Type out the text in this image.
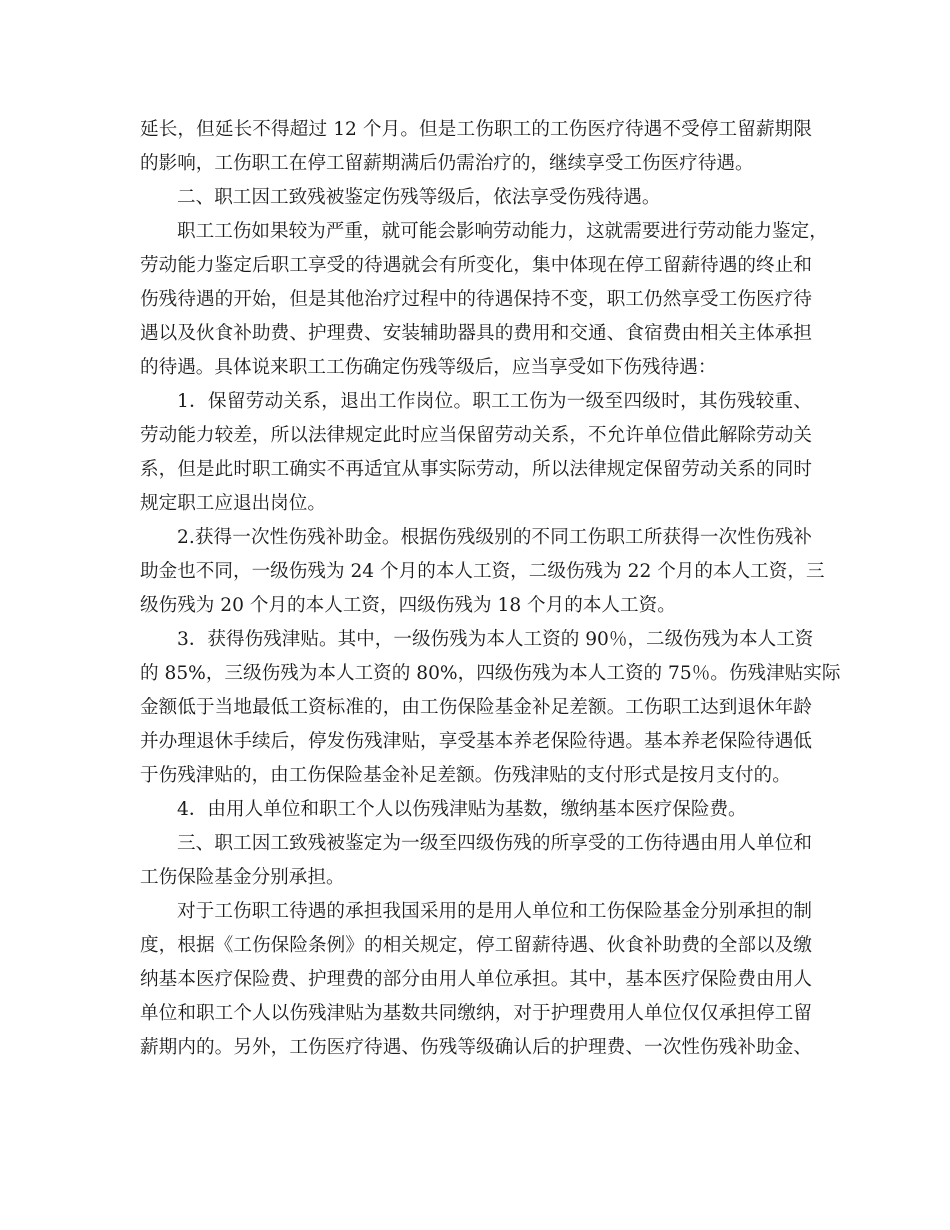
延长，但延长不得超过 12 个月。但是工伤职工的工伤医疗待遇不受停工留薪期限
的影响，工伤职工在停工留薪期满后仍需治疗的，继续享受工伤医疗待遇。
二、职工因工致残被鉴定伤残等级后，依法享受伤残待遇。
职工工伤如果较为严重，就可能会影响劳动能力，这就需要进行劳动能力鉴定，
劳动能力鉴定后职工享受的待遇就会有所变化，集中体现在停工留薪待遇的终止和
伤残待遇的开始，但是其他治疗过程中的待遇保持不变，职工仍然享受工伤医疗待
遇以及伙食补助费、护理费、安装辅助器具的费用和交通、食宿费由相关主体承担
的待遇。具体说来职工工伤确定伤残等级后，应当享受如下伤残待遇：
1．保留劳动关系，退出工作岗位。职工工伤为一级至四级时，其伤残较重、
劳动能力较差，所以法律规定此时应当保留劳动关系，不允许单位借此解除劳动关
系，但是此时职工确实不再适宜从事实际劳动，所以法律规定保留劳动关系的同时
规定职工应退出岗位。
2.获得一次性伤残补助金。根据伤残级别的不同工伤职工所获得一次性伤残补
助金也不同，一级伤残为 24 个月的本人工资，二级伤残为 22 个月的本人工资，三
级伤残为 20 个月的本人工资，四级伤残为 18 个月的本人工资。
3．获得伤残津贴。其中，一级伤残为本人工资的 90％，二级伤残为本人工资
的 85%，三级伤残为本人工资的 80%，四级伤残为本人工资的 75％。伤残津贴实际
金额低于当地最低工资标准的，由工伤保险基金补足差额。工伤职工达到退休年龄
并办理退休手续后，停发伤残津贴，享受基本养老保险待遇。基本养老保险待遇低
于伤残津贴的，由工伤保险基金补足差额。伤残津贴的支付形式是按月支付的。
4．由用人单位和职工个人以伤残津贴为基数，缴纳基本医疗保险费。
三、职工因工致残被鉴定为一级至四级伤残的所享受的工伤待遇由用人单位和
工伤保险基金分别承担。
对于工伤职工待遇的承担我国采用的是用人单位和工伤保险基金分别承担的制
度，根据《工伤保险条例》的相关规定，停工留薪待遇、伙食补助费的全部以及缴
纳基本医疗保险费、护理费的部分由用人单位承担。其中，基本医疗保险费由用人
单位和职工个人以伤残津贴为基数共同缴纳，对于护理费用人单位仅仅承担停工留
薪期内的。另外，工伤医疗待遇、伤残等级确认后的护理费、一次性伤残补助金、
